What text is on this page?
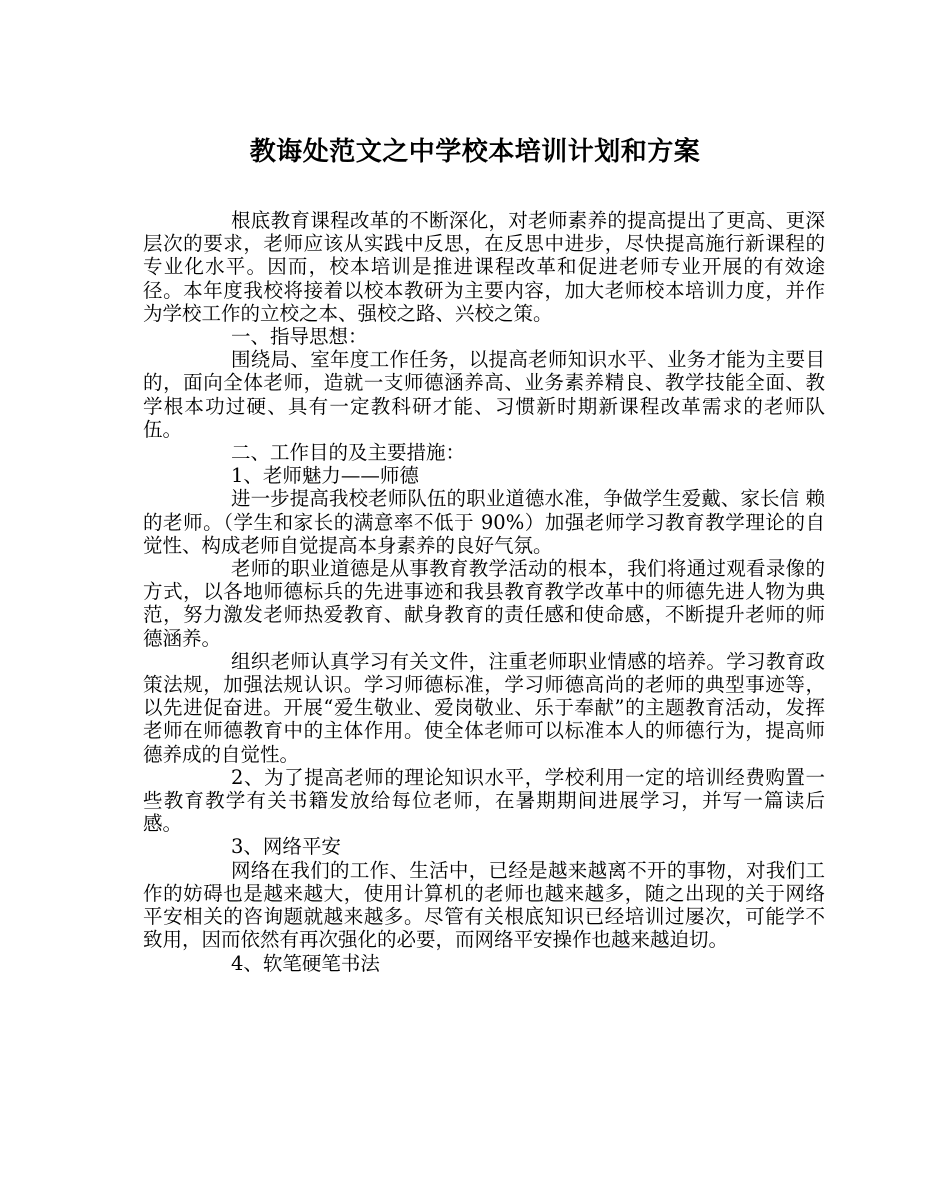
教诲处范文之中学校本培训计划和方案

根底教育课程改革的不断深化，对老师素养的提高提出了更高、更深层次的要求，老师应该从实践中反思，在反思中进步，尽快提高施行新课程的专业化水平。因而，校本培训是推进课程改革和促进老师专业开展的有效途径。本年度我校将接着以校本教研为主要内容，加大老师校本培训力度，并作为学校工作的立校之本、强校之路、兴校之策。

一、指导思想：

围绕局、室年度工作任务，以提高老师知识水平、业务才能为主要目的，面向全体老师，造就一支师德涵养高、业务素养精良、教学技能全面、教学根本功过硬、具有一定教科研才能、习惯新时期新课程改革需求的老师队伍。

二、工作目的及主要措施：

1、老师魅力——师德

进一步提高我校老师队伍的职业道德水准，争做学生爱戴、家长信 赖的老师。（学生和家长的满意率不低于 90%）加强老师学习教育教学理论的自觉性、构成老师自觉提高本身素养的良好气氛。

老师的职业道德是从事教育教学活动的根本，我们将通过观看录像的方式，以各地师德标兵的先进事迹和我县教育教学改革中的师德先进人物为典范，努力激发老师热爱教育、献身教育的责任感和使命感，不断提升老师的师德涵养。

组织老师认真学习有关文件，注重老师职业情感的培养。学习教育政策法规，加强法规认识。学习师德标准，学习师德高尚的老师的典型事迹等，以先进促奋进。开展“爱生敬业、爱岗敬业、乐于奉献”的主题教育活动，发挥老师在师德教育中的主体作用。使全体老师可以标准本人的师德行为，提高师德养成的自觉性。

2、为了提高老师的理论知识水平，学校利用一定的培训经费购置一些教育教学有关书籍发放给每位老师，在暑期期间进展学习，并写一篇读后感。

3、网络平安

网络在我们的工作、生活中，已经是越来越离不开的事物，对我们工作的妨碍也是越来越大，使用计算机的老师也越来越多，随之出现的关于网络平安相关的咨询题就越来越多。尽管有关根底知识已经培训过屡次，可能学不致用，因而依然有再次强化的必要，而网络平安操作也越来越迫切。

4、软笔硬笔书法
